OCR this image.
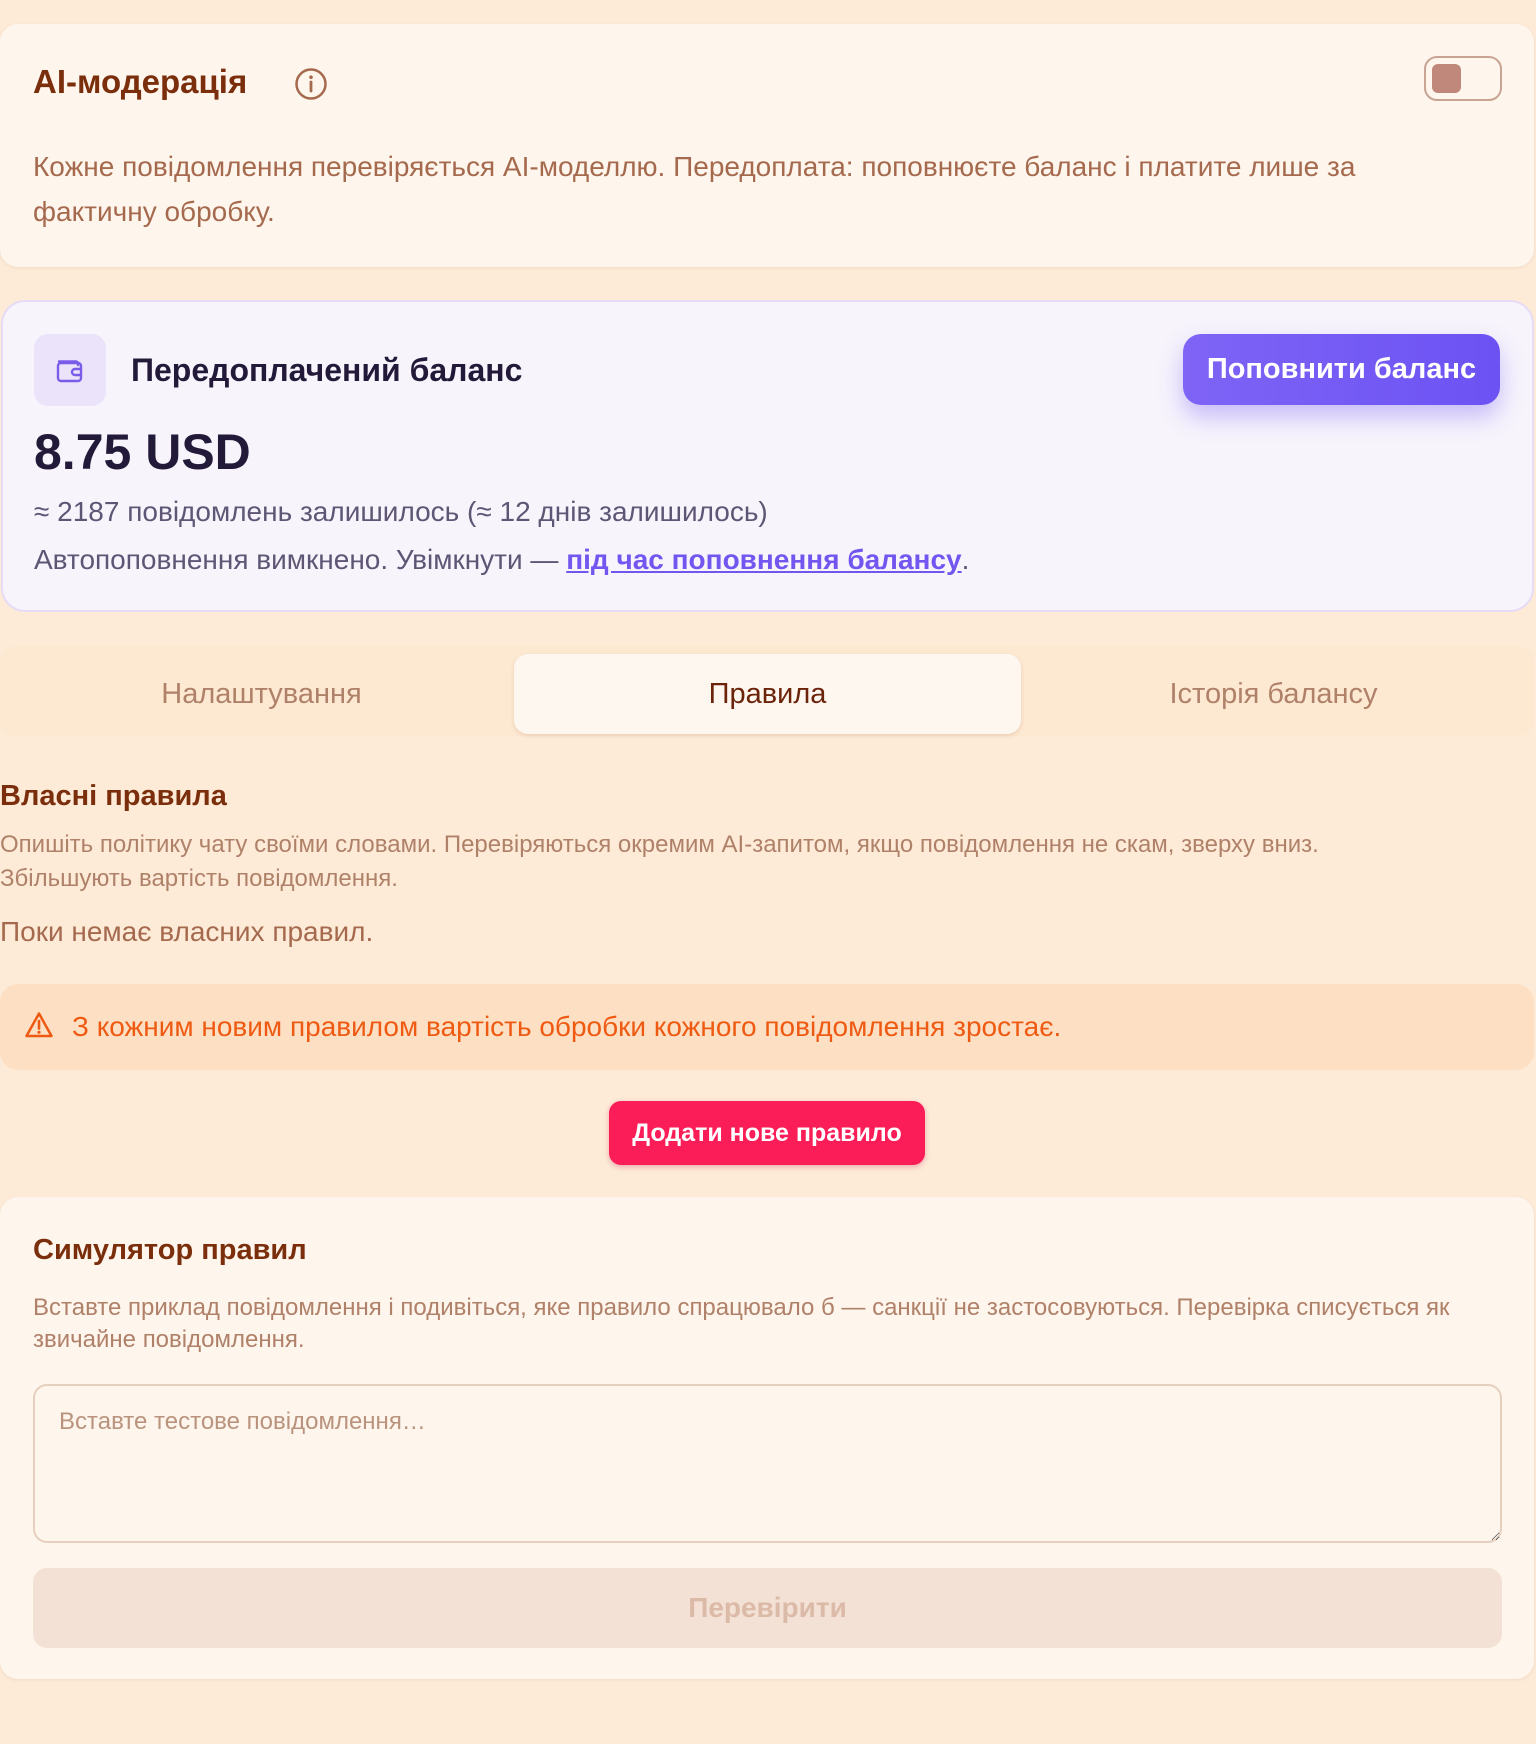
AI-модерація

Кожне повідомлення перевіряється AI-моделлю. Передоплата: поповнюєте баланс і платите лише за фактичну обробку.

Передоплачений баланс	Поповнити баланс
8.75 USD
≈ 2187 повідомлень залишилось (≈ 12 днів залишилось)
Автопоповнення вимкнено. Увімкнути — під час поповнення балансу.
Налаштування	Правила	Історія балансу
Власні правила
Опишіть політику чату своїми словами. Перевіряються окремим AI-запитом, якщо повідомлення не скам, зверху вниз. Збільшують вартість повідомлення.
Поки немає власних правил.
З кожним новим правилом вартість обробки кожного повідомлення зростає.
Додати нове правило
Симулятор правил
Вставте приклад повідомлення і подивіться, яке правило спрацювало б — санкції не застосовуються. Перевірка списується як звичайне повідомлення.
Вставте тестове повідомлення…
Перевірити
